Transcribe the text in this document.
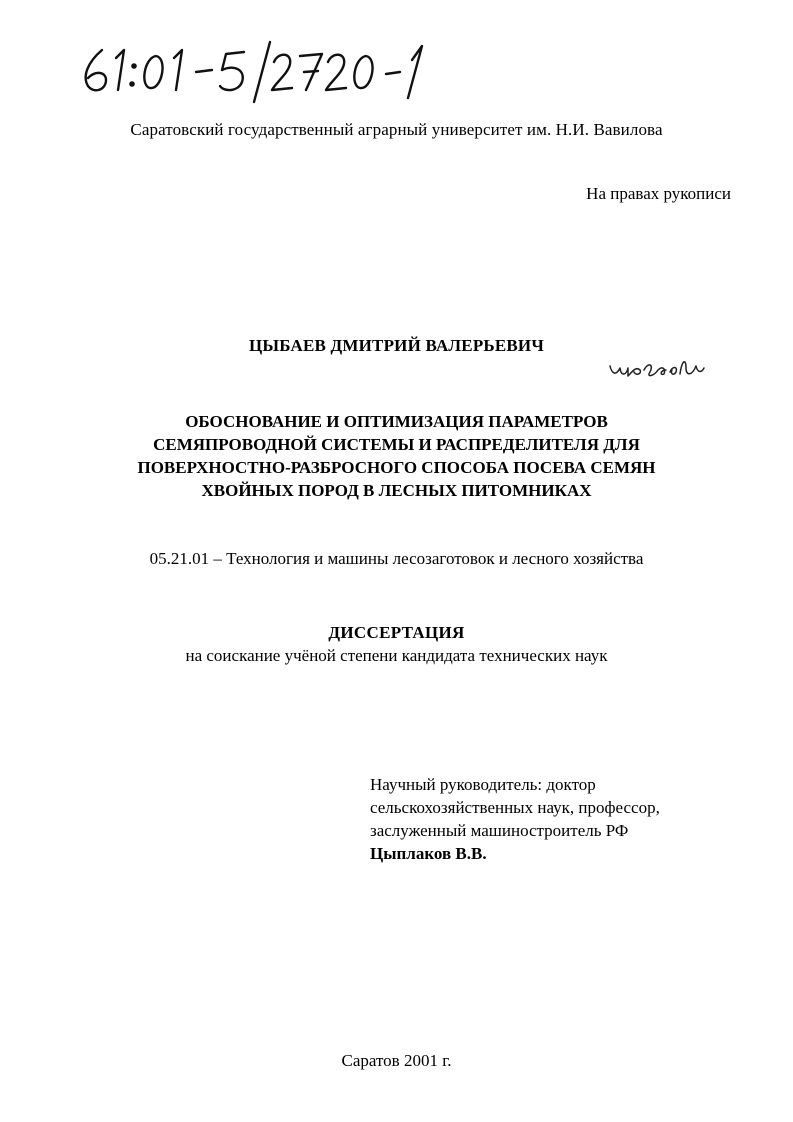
Саратовский государственный аграрный университет им. Н.И. Вавилова
На правах рукописи
ЦЫБАЕВ ДМИТРИЙ ВАЛЕРЬЕВИЧ
ОБОСНОВАНИЕ И ОПТИМИЗАЦИЯ ПАРАМЕТРОВ
СЕМЯПРОВОДНОЙ СИСТЕМЫ И РАСПРЕДЕЛИТЕЛЯ ДЛЯ
ПОВЕРХНОСТНО-РАЗБРОСНОГО СПОСОБА ПОСЕВА СЕМЯН
ХВОЙНЫХ ПОРОД В ЛЕСНЫХ ПИТОМНИКАХ
05.21.01 – Технология и машины лесозаготовок и лесного хозяйства
ДИССЕРТАЦИЯ
на соискание учёной степени кандидата технических наук
Научный руководитель: доктор
сельскохозяйственных наук, профессор,
заслуженный машиностроитель РФ
Цыплаков В.В.
Саратов 2001 г.
